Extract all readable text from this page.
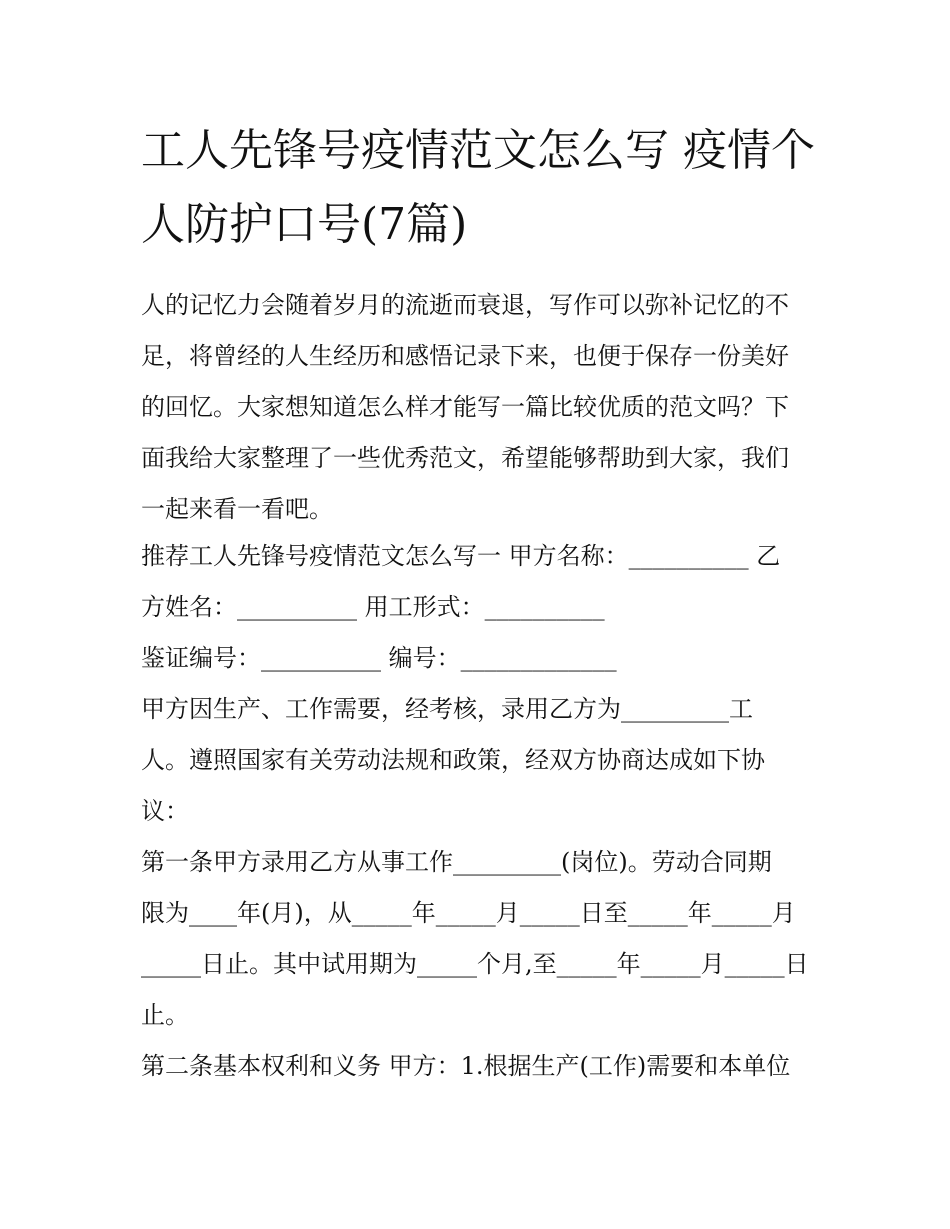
工人先锋号疫情范文怎么写 疫情个人防护口号(7篇)

人的记忆力会随着岁月的流逝而衰退，写作可以弥补记忆的不

足，将曾经的人生经历和感悟记录下来，也便于保存一份美好

的回忆。大家想知道怎么样才能写一篇比较优质的范文吗？下

面我给大家整理了一些优秀范文，希望能够帮助到大家，我们

一起来看一看吧。

推荐工人先锋号疫情范文怎么写一 甲方名称：__________ 乙

方姓名：__________ 用工形式：__________

鉴证编号：__________ 编号：_____________

甲方因生产、工作需要，经考核，录用乙方为_________工

人。遵照国家有关劳动法规和政策，经双方协商达成如下协

议：

第一条甲方录用乙方从事工作_________(岗位)。劳动合同期

限为____年(月)，从_____年_____月_____日至_____年_____月

_____日止。其中试用期为_____个月,至_____年_____月_____日

止。

第二条基本权利和义务 甲方：1.根据生产(工作)需要和本单位
